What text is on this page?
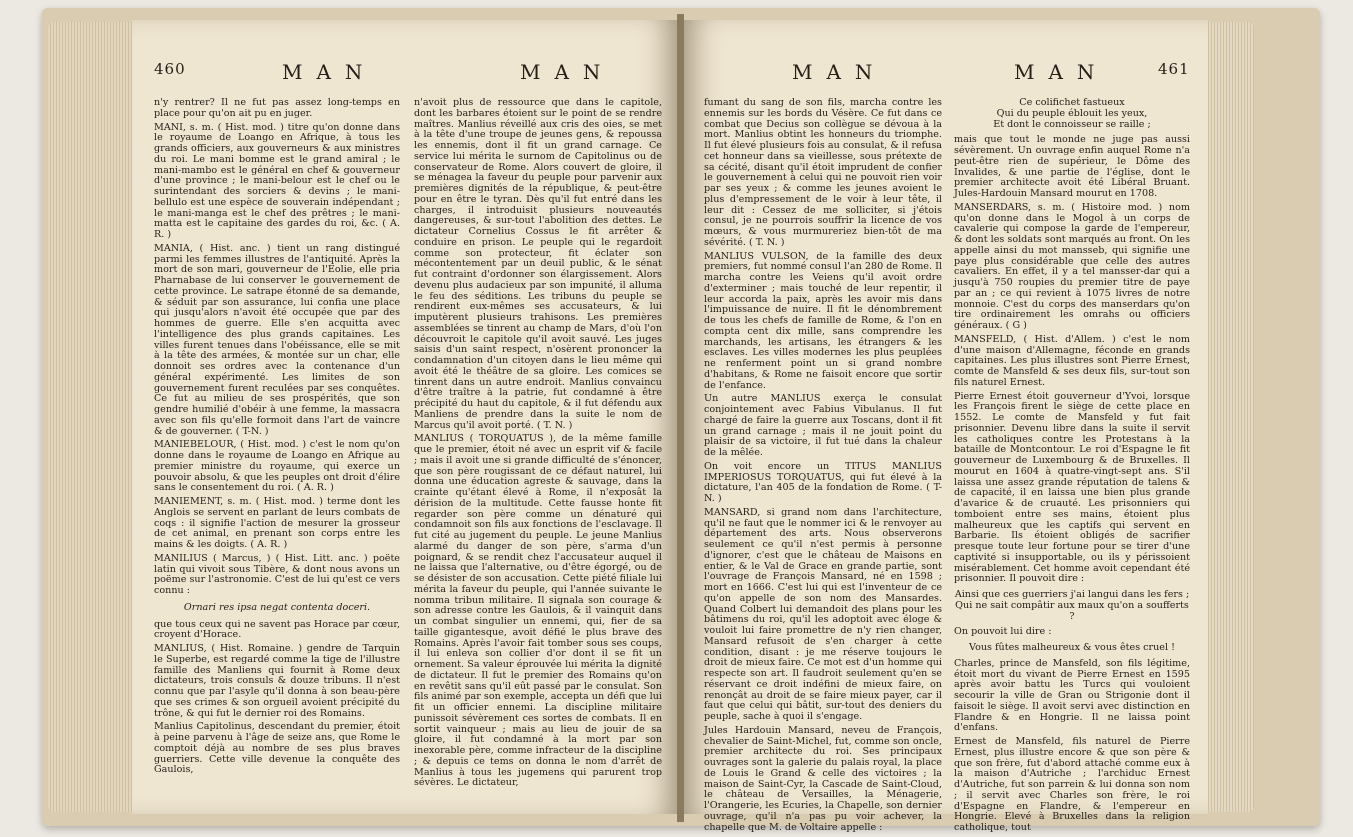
460	MAN	MAN

n'y rentrer? Il ne fut pas assez long-temps en place pour qu'on ait pu en juger.

MANI, s. m. ( Hist. mod. ) titre qu'on donne dans le royaume de Loango en Afrique, à tous les grands officiers, aux gouverneurs & aux ministres du roi. Le mani bomme est le grand amiral ; le mani-mambo est le général en chef & gouverneur d'une province ; le mani-belour est le chef ou le surintendant des sorciers & devins ; le mani-bellulo est une espèce de souverain indépendant ; le mani-manga est le chef des prêtres ; le mani-matta est le capitaine des gardes du roi, &c. ( A. R. )

MANIA, ( Hist. anc. ) tient un rang distingué parmi les femmes illustres de l'antiquité. Après la mort de son mari, gouverneur de l'Eolie, elle pria Pharnabase de lui conserver le gouvernement de cette province. Le satrape étonné de sa demande, & séduit par son assurance, lui confia une place qui jusqu'alors n'avoit été occupée que par des hommes de guerre. Elle s'en acquitta avec l'intelligence des plus grands capitaines. Les villes furent tenues dans l'obéissance, elle se mit à la tête des armées, & montée sur un char, elle donnoit ses ordres avec la contenance d'un général expérimenté. Les limites de son gouvernement furent reculées par ses conquêtes. Ce fut au milieu de ses prospérités, que son gendre humilié d'obéir à une femme, la massacra avec son fils qu'elle formoit dans l'art de vaincre & de gouverner. ( T-N. )

MANIEBELOUR, ( Hist. mod. ) c'est le nom qu'on donne dans le royaume de Loango en Afrique au premier ministre du royaume, qui exerce un pouvoir absolu, & que les peuples ont droit d'élire sans le consentement du roi. ( A. R. )

MANIEMENT, s. m. ( Hist. mod. ) terme dont les Anglois se servent en parlant de leurs combats de coqs : il signifie l'action de mesurer la grosseur de cet animal, en prenant son corps entre les mains & les doigts. ( A. R. )

MANILIUS ( Marcus, ) ( Hist. Litt. anc. ) poëte latin qui vivoit sous Tibère, & dont nous avons un poëme sur l'astronomie. C'est de lui qu'est ce vers connu :

Ornari res ipsa negat contenta doceri.

que tous ceux qui ne savent pas Horace par cœur, croyent d'Horace.

MANLIUS, ( Hist. Romaine. ) gendre de Tarquin le Superbe, est regardé comme la tige de l'illustre famille des Manliens qui fournit à Rome deux dictateurs, trois consuls & douze tribuns. Il n'est connu que par l'asyle qu'il donna à son beau-père que ses crimes & son orgueil avoient précipité du trône, & qui fut le dernier roi des Romains.

Manlius Capitolinus, descendant du premier, étoit à peine parvenu à l'âge de seize ans, que Rome le comptoit déjà au nombre de ses plus braves guerriers. Cette ville devenue la conquête des Gaulois,

n'avoit plus de ressource que dans le capitole, dont les barbares étoient sur le point de se rendre maîtres. Manlius réveillé aux cris des oies, se met à la tête d'une troupe de jeunes gens, & repoussa les ennemis, dont il fit un grand carnage. Ce service lui mérita le surnom de Capitolinus ou de conservateur de Rome. Alors couvert de gloire, il se ménagea la faveur du peuple pour parvenir aux premières dignités de la république, & peut-être pour en être le tyran. Dès qu'il fut entré dans les charges, il introduisit plusieurs nouveautés dangereuses, & sur-tout l'abolition des dettes. Le dictateur Cornelius Cossus le fit arrêter & conduire en prison. Le peuple qui le regardoit comme son protecteur, fit éclater son mécontentement par un deuil public, & le sénat fut contraint d'ordonner son élargissement. Alors devenu plus audacieux par son impunité, il alluma le feu des séditions. Les tribuns du peuple se rendirent eux-mêmes ses accusateurs, & lui imputèrent plusieurs trahisons. Les premières assemblées se tinrent au champ de Mars, d'où l'on découvroit le capitole qu'il avoit sauvé. Les juges saisis d'un saint respect, n'osèrent prononcer la condamnation d'un citoyen dans le lieu même qui avoit été le théâtre de sa gloire. Les comices se tinrent dans un autre endroit. Manlius convaincu d'être traître à la patrie, fut condamné à être précipité du haut du capitole, & il fut défendu aux Manliens de prendre dans la suite le nom de Marcus qu'il avoit porté. ( T. N. )

MANLIUS ( TORQUATUS ), de la même famille que le premier, étoit né avec un esprit vif & facile ; mais il avoit une si grande difficulté de s'énoncer, que son père rougissant de ce défaut naturel, lui donna une éducation agreste & sauvage, dans la crainte qu'étant élevé à Rome, il n'exposât la dérision de la multitude. Cette fausse honte fit regarder son père comme un dénaturé qui condamnoit son fils aux fonctions de l'esclavage. Il fut cité au jugement du peuple. Le jeune Manlius alarmé du danger de son père, s'arma d'un poignard, & se rendit chez l'accusateur auquel il ne laissa que l'alternative, ou d'être égorgé, ou de se désister de son accusation. Cette piété filiale lui mérita la faveur du peuple, qui l'année suivante le nomma tribun militaire. Il signala son courage & son adresse contre les Gaulois, & il vainquit dans un combat singulier un ennemi, qui, fier de sa taille gigantesque, avoit défié le plus brave des Romains. Après l'avoir fait tomber sous ses coups, il lui enleva son collier d'or dont il se fit un ornement. Sa valeur éprouvée lui mérita la dignité de dictateur. Il fut le premier des Romains qu'on en revêtit sans qu'il eût passé par le consulat. Son fils animé par son exemple, accepta un défi que lui fit un officier ennemi. La discipline militaire punissoit sévèrement ces sortes de combats. Il en sortit vainqueur ; mais au lieu de jouir de sa gloire, il fut condamné à la mort par son inexorable père, comme infracteur de la discipline ; & depuis ce tems on donna le nom d'arrêt de Manlius à tous les jugemens qui parurent trop sévères. Le dictateur,

MAN	MAN	461

fumant du sang de son fils, marcha contre les ennemis sur les bords du Vésère. Ce fut dans ce combat que Decius son collègue se dévoua à la mort. Manlius obtint les honneurs du triomphe. Il fut élevé plusieurs fois au consulat, & il refusa cet honneur dans sa vieillesse, sous prétexte de sa cécité, disant qu'il étoit imprudent de confier le gouvernement à celui qui ne pouvoit rien voir par ses yeux ; & comme les jeunes avoient le plus d'empressement de le voir à leur tête, il leur dit : Cessez de me solliciter, si j'étois consul, je ne pourrois souffrir la licence de vos mœurs, & vous murmureriez bien-tôt de ma sévérité. ( T. N. )

MANLIUS VULSON, de la famille des deux premiers, fut nommé consul l'an 280 de Rome. Il marcha contre les Veiens qu'il avoit ordre d'exterminer ; mais touché de leur repentir, il leur accorda la paix, après les avoir mis dans l'impuissance de nuire. Il fit le dénombrement de tous les chefs de famille de Rome, & l'on en compta cent dix mille, sans comprendre les marchands, les artisans, les étrangers & les esclaves. Les villes modernes les plus peuplées ne renferment point un si grand nombre d'habitans, & Rome ne faisoit encore que sortir de l'enfance.

Un autre MANLIUS exerça le consulat conjointement avec Fabius Vibulanus. Il fut chargé de faire la guerre aux Toscans, dont il fit un grand carnage ; mais il ne jouit point du plaisir de sa victoire, il fut tué dans la chaleur de la mêlée.

On voit encore un TITUS MANLIUS IMPERIOSUS TORQUATUS, qui fut élevé à la dictature, l'an 405 de la fondation de Rome. ( T-N. )

MANSARD, si grand nom dans l'architecture, qu'il ne faut que le nommer ici & le renvoyer au département des arts. Nous observerons seulement ce qu'il n'est permis à personne d'ignorer, c'est que le château de Maisons en entier, & le Val de Grace en grande partie, sont l'ouvrage de François Mansard, né en 1598 ; mort en 1666. C'est lui qui est l'inventeur de ce qu'on appelle de son nom des Mansardes. Quand Colbert lui demandoit des plans pour les bâtimens du roi, qu'il les adoptoit avec éloge & vouloit lui faire promettre de n'y rien changer, Mansard refusoit de s'en charger à cette condition, disant : je me réserve toujours le droit de mieux faire. Ce mot est d'un homme qui respecte son art. Il faudroit seulement qu'en se réservant ce droit indéfini de mieux faire, on renonçât au droit de se faire mieux payer, car il faut que celui qui bâtit, sur-tout des deniers du peuple, sache à quoi il s'engage.

Jules Hardouin Mansard, neveu de François, chevalier de Saint-Michel, fut, comme son oncle, premier architecte du roi. Ses principaux ouvrages sont la galerie du palais royal, la place de Louis le Grand & celle des victoires ; la maison de Saint-Cyr, la Cascade de Saint-Cloud, le château de Versailles, la Ménagerie, l'Orangerie, les Ecuries, la Chapelle, son dernier ouvrage, qu'il n'a pas pu voir achever, la chapelle que M. de Voltaire appelle :

Ce colifichet fastueux
Qui du peuple éblouit les yeux,
Et dont le connoisseur se raille ;

mais que tout le monde ne juge pas aussi sévèrement. Un ouvrage enfin auquel Rome n'a peut-être rien de supérieur, le Dôme des Invalides, & une partie de l'église, dont le premier architecte avoit été Libéral Bruant. Jules-Hardouin Mansard mourut en 1708.

MANSERDARS, s. m. ( Histoire mod. ) nom qu'on donne dans le Mogol à un corps de cavalerie qui compose la garde de l'empereur, & dont les soldats sont marqués au front. On les appelle ainsi du mot mansseb, qui signifie une paye plus considérable que celle des autres cavaliers. En effet, il y a tel mansser-dar qui a jusqu'à 750 roupies du premier titre de paye par an ; ce qui revient à 1075 livres de notre monnoie. C'est du corps des manserdars qu'on tire ordinairement les omrahs ou officiers généraux. ( G )

MANSFELD, ( Hist. d'Allem. ) c'est le nom d'une maison d'Allemagne, féconde en grands capitaines. Les plus illustres sont Pierre Ernest, comte de Mansfeld & ses deux fils, sur-tout son fils naturel Ernest.

Pierre Ernest étoit gouverneur d'Yvoi, lorsque les François firent le siège de cette place en 1552. Le comte de Mansfeld y fut fait prisonnier. Devenu libre dans la suite il servit les catholiques contre les Protestans à la bataille de Montcontour. Le roi d'Espagne le fit gouverneur de Luxembourg & de Bruxelles. Il mourut en 1604 à quatre-vingt-sept ans. S'il laissa une assez grande réputation de talens & de capacité, il en laissa une bien plus grande d'avarice & de cruauté. Les prisonniers qui tomboient entre ses mains, étoient plus malheureux que les captifs qui servent en Barbarie. Ils étoient obligés de sacrifier presque toute leur fortune pour se tirer d'une captivité si insupportable, ou ils y périssoient misérablement. Cet homme avoit cependant été prisonnier. Il pouvoit dire :

Ainsi que ces guerriers j'ai langui dans les fers ;
Qui ne sait compâtir aux maux qu'on a soufferts ?

On pouvoit lui dire :

Vous fûtes malheureux & vous êtes cruel !

Charles, prince de Mansfeld, son fils légitime, étoit mort du vivant de Pierre Ernest en 1595 après avoir battu les Turcs qui vouloient secourir la ville de Gran ou Strigonie dont il faisoit le siège. Il avoit servi avec distinction en Flandre & en Hongrie. Il ne laissa point d'enfans.

Ernest de Mansfeld, fils naturel de Pierre Ernest, plus illustre encore & que son père & que son frère, fut d'abord attaché comme eux à la maison d'Autriche ; l'archiduc Ernest d'Autriche, fut son parrein & lui donna son nom ; il servit avec Charles son frère, le roi d'Espagne en Flandre, & l'empereur en Hongrie. Elevé à Bruxelles dans la religion catholique, tout
